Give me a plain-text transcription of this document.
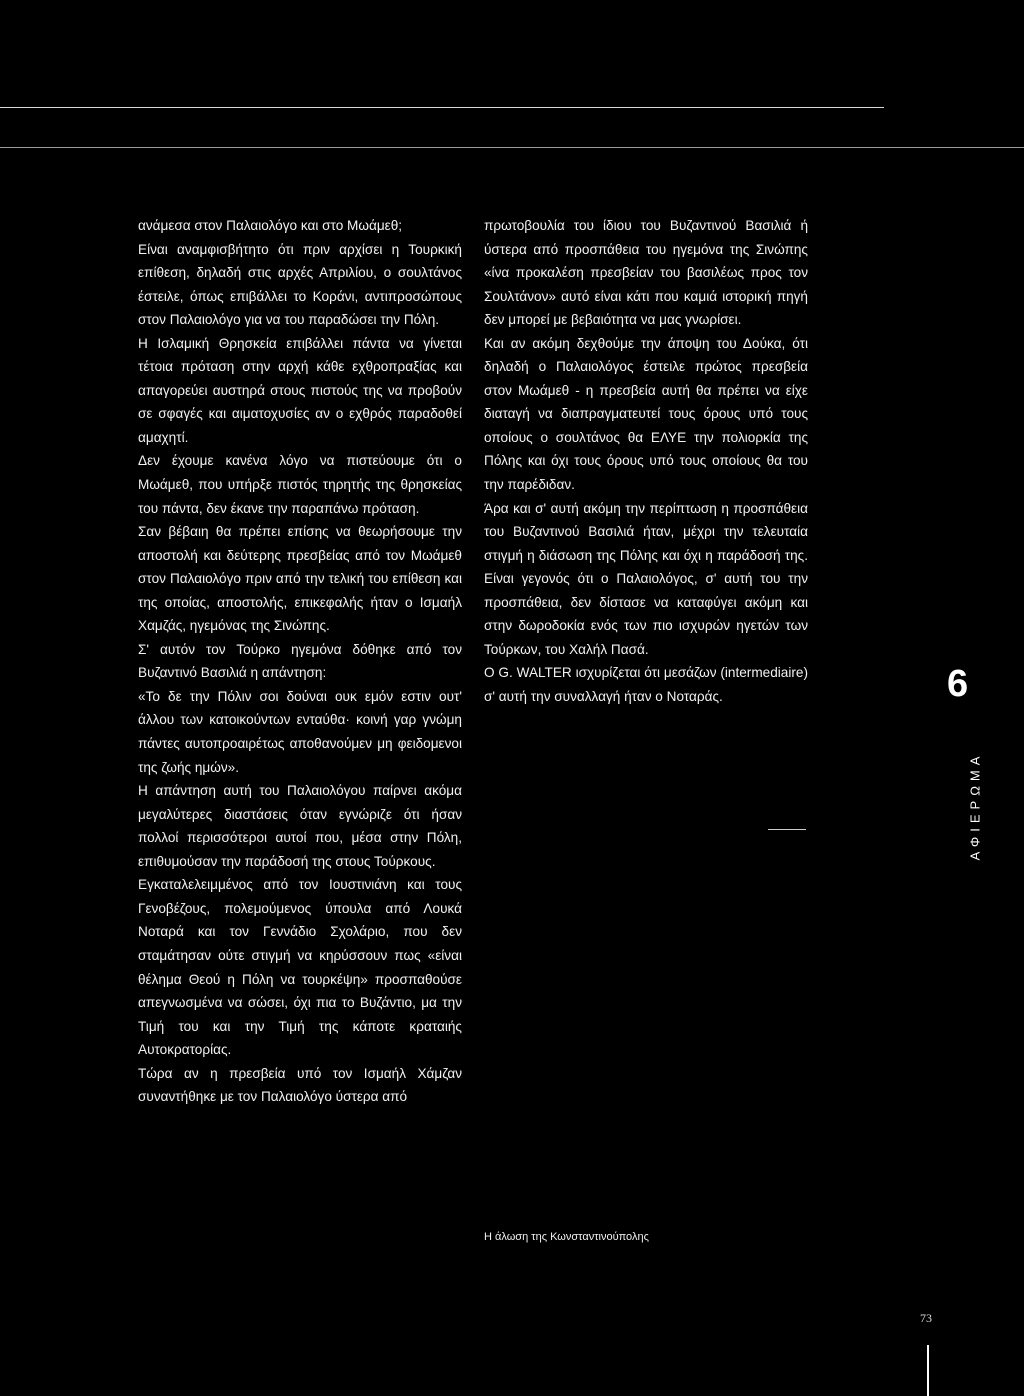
ανάμεσα στον Παλαιολόγο και στο Μωάμεθ;

Είναι αναμφισβήτητο ότι πριν αρχίσει η Τουρκική επίθεση, δηλαδή στις αρχές Απριλίου, ο σουλτάνος έστειλε, όπως επιβάλλει το Κοράνι, αντιπροσώπους στον Παλαιολόγο για να του παραδώσει την Πόλη.

Η Ισλαμική Θρησκεία επιβάλλει πάντα να γίνεται τέτοια πρόταση στην αρχή κάθε εχθροπραξίας και απαγορεύει αυστηρά στους πιστούς της να προβούν σε σφαγές και αιματοχυσίες αν ο εχθρός παραδοθεί αμαχητί.

Δεν έχουμε κανένα λόγο να πιστεύουμε ότι ο Μωάμεθ, που υπήρξε πιστός τηρητής της θρησκείας του πάντα, δεν έκανε την παραπάνω πρόταση.

Σαν βέβαιη θα πρέπει επίσης να θεωρήσουμε την αποστολή και δεύτερης πρεσβείας από τον Μωάμεθ στον Παλαιολόγο πριν από την τελική του επίθεση και της οποίας, αποστολής, επικεφαλής ήταν ο Ισμαήλ Χαμζάς, ηγεμόνας της Σινώπης.

Σ' αυτόν τον Τούρκο ηγεμόνα δόθηκε από τον Βυζαντινό Βασιλιά η απάντηση:

«Το δε την Πόλιν σοι δούναι ουκ εμόν εστιν ουτ' άλλου των κατοικούντων ενταύθα· κοινή γαρ γνώμη πάντες αυτοπροαιρέτως αποθανούμεν μη φειδομενοι της ζωής ημών».

Η απάντηση αυτή του Παλαιολόγου παίρνει ακόμα μεγαλύτερες διαστάσεις όταν εγνώριζε ότι ήσαν πολλοί περισσότεροι αυτοί που, μέσα στην Πόλη, επιθυμούσαν την παράδοσή της στους Τούρκους.

Εγκαταλελειμμένος από τον Ιουστινιάνη και τους Γενοβέζους, πολεμούμενος ύπουλα από Λουκά Νοταρά και τον Γεννάδιο Σχολάριο, που δεν σταμάτησαν ούτε στιγμή να κηρύσσουν πως «είναι θέλημα Θεού η Πόλη να τουρκέψη» προσπαθούσε απεγνωσμένα να σώσει, όχι πια το Βυζάντιο, μα την Τιμή του και την Τιμή της κάποτε κραταιής Αυτοκρατορίας.

Τώρα αν η πρεσβεία υπό τον Ισμαήλ Χάμζαν συναντήθηκε με τον Παλαιολόγο ύστερα από

πρωτοβουλία του ίδιου του Βυζαντινού Βασιλιά ή ύστερα από προσπάθεια του ηγεμόνα της Σινώπης «ίνα προκαλέση πρεσβείαν του βασιλέως προς τον Σουλτάνον» αυτό είναι κάτι που καμιά ιστορική πηγή δεν μπορεί με βεβαιότητα να μας γνωρίσει.

Και αν ακόμη δεχθούμε την άποψη του Δούκα, ότι δηλαδή ο Παλαιολόγος έστειλε πρώτος πρεσβεία στον Μωάμεθ - η πρεσβεία αυτή θα πρέπει να είχε διαταγή να διαπραγματευτεί τους όρους υπό τους οποίους ο σουλτάνος θα ΕΛΥΕ την πολιορκία της Πόλης και όχι τους όρους υπό τους οποίους θα του την παρέδιδαν.

Άρα και σ' αυτή ακόμη την περίπτωση η προσπάθεια του Βυζαντινού Βασιλιά ήταν, μέχρι την τελευταία στιγμή η διάσωση της Πόλης και όχι η παράδοσή της. Είναι γεγονός ότι ο Παλαιολόγος, σ' αυτή του την προσπάθεια, δεν δίστασε να καταφύγει ακόμη και στην δωροδοκία ενός των πιο ισχυρών ηγετών των Τούρκων, του Χαλήλ Πασά.

Ο G. WALTER ισχυρίζεται ότι μεσάζων (intermediaire) σ' αυτή την συναλλαγή ήταν ο Νοταράς.	6
ΑΦΙΕΡΩΜΑ
Η άλωση της Κωνσταντινούπολης
73
